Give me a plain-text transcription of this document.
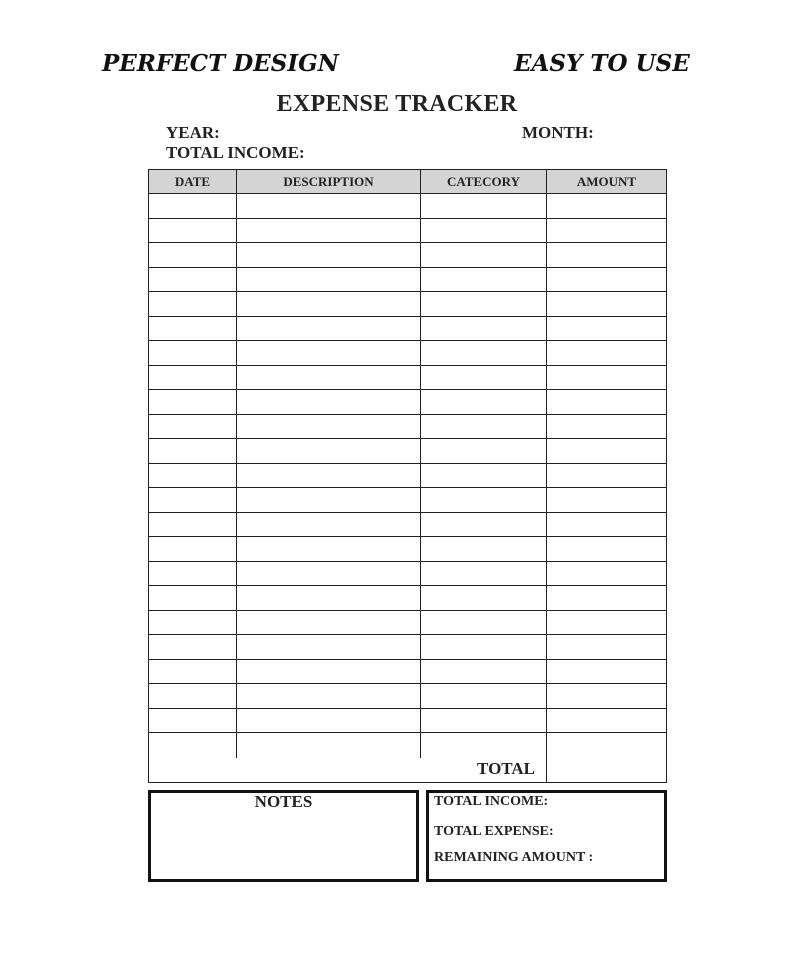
PERFECT DESIGN	EASY TO USE
EXPENSE TRACKER
YEAR:	MONTH:
TOTAL INCOME:
DATE	DESCRIPTION	CATECORY	AMOUNT
TOTAL
NOTES	TOTAL INCOME:
TOTAL EXPENSE:
REMAINING AMOUNT :
